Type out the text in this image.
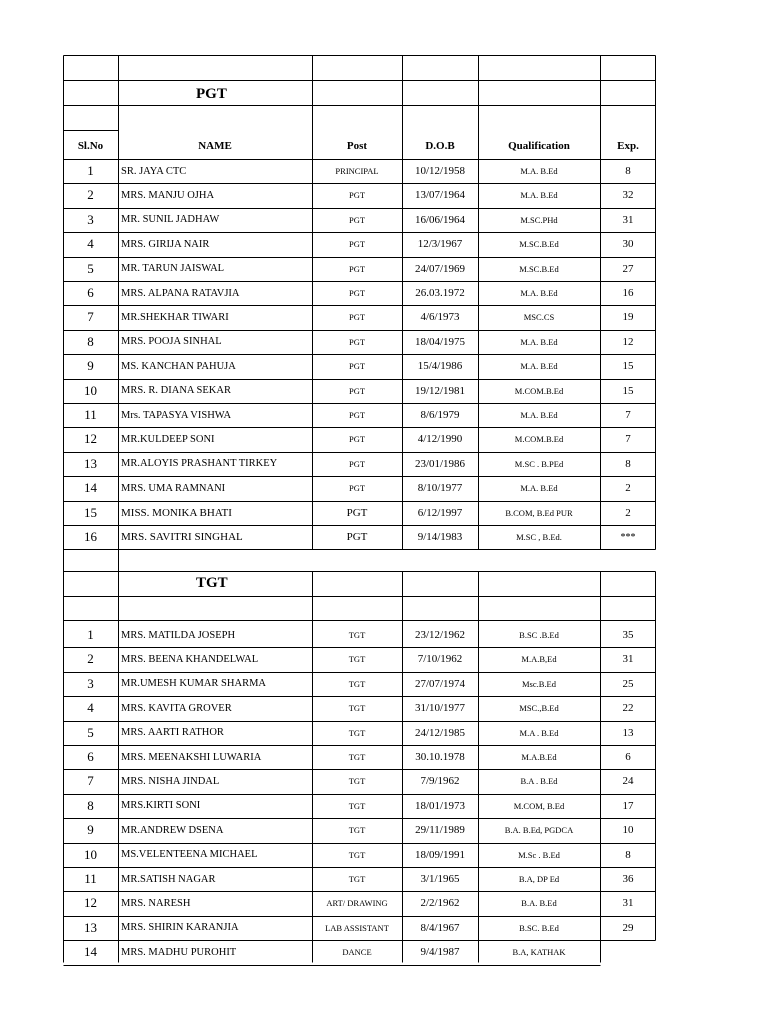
PGT
Sl.No	NAME	Post	D.O.B	Qualification	Exp.
1	SR. JAYA CTC	PRINCIPAL	10/12/1958	M.A. B.Ed	8
2	MRS. MANJU OJHA	PGT	13/07/1964	M.A. B.Ed	32
3	MR. SUNIL JADHAW	PGT	16/06/1964	M.SC.PHd	31
4	MRS. GIRIJA NAIR	PGT	12/3/1967	M.SC.B.Ed	30
5	MR. TARUN JAISWAL	PGT	24/07/1969	M.SC.B.Ed	27
6	MRS. ALPANA RATAVJIA	PGT	26.03.1972	M.A. B.Ed	16
7	MR.SHEKHAR TIWARI	PGT	4/6/1973	MSC.CS	19
8	MRS. POOJA SINHAL	PGT	18/04/1975	M.A. B.Ed	12
9	MS. KANCHAN PAHUJA	PGT	15/4/1986	M.A. B.Ed	15
10	MRS. R. DIANA SEKAR	PGT	19/12/1981	M.COM.B.Ed	15
11	Mrs. TAPASYA VISHWA	PGT	8/6/1979	M.A. B.Ed	7
12	MR.KULDEEP SONI	PGT	4/12/1990	M.COM.B.Ed	7
13	MR.ALOYIS PRASHANT TIRKEY	PGT	23/01/1986	M.SC . B.PEd	8
14	MRS. UMA RAMNANI	PGT	8/10/1977	M.A. B.Ed	2
15	MISS. MONIKA BHATI	PGT	6/12/1997	B.COM, B.Ed PUR	2
16	MRS. SAVITRI SINGHAL	PGT	9/14/1983	M.SC , B.Ed.	***
TGT
1	MRS. MATILDA JOSEPH	TGT	23/12/1962	B.SC .B.Ed	35
2	MRS. BEENA KHANDELWAL	TGT	7/10/1962	M.A.B,Ed	31
3	MR.UMESH KUMAR SHARMA	TGT	27/07/1974	Msc.B.Ed	25
4	MRS. KAVITA GROVER	TGT	31/10/1977	MSC.,B.Ed	22
5	MRS. AARTI RATHOR	TGT	24/12/1985	M.A . B.Ed	13
6	MRS. MEENAKSHI LUWARIA	TGT	30.10.1978	M.A.B.Ed	6
7	MRS. NISHA JINDAL	TGT	7/9/1962	B.A . B.Ed	24
8	MRS.KIRTI SONI	TGT	18/01/1973	M.COM, B.Ed	17
9	MR.ANDREW DSENA	TGT	29/11/1989	B.A. B.Ed, PGDCA	10
10	MS.VELENTEENA MICHAEL	TGT	18/09/1991	M.Sc . B.Ed	8
11	MR.SATISH NAGAR	TGT	3/1/1965	B.A, DP Ed	36
12	MRS. NARESH	ART/ DRAWING	2/2/1962	B.A. B.Ed	31
13	MRS. SHIRIN KARANJIA	LAB ASSISTANT	8/4/1967	B.SC. B.Ed	29
14	MRS. MADHU PUROHIT	DANCE	9/4/1987	B.A, KATHAK
